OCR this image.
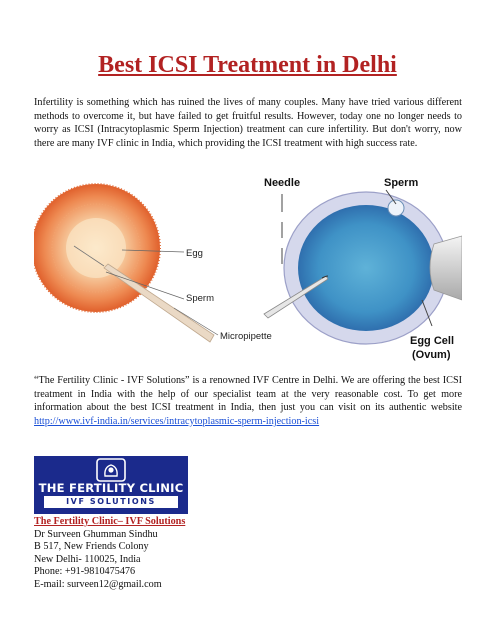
Best ICSI Treatment in Delhi

Infertility is something which has ruined the lives of many couples. Many have tried various different methods to overcome it, but have failed to get fruitful results. However, today one no longer needs to worry as ICSI (Intracytoplasmic Sperm Injection) treatment can cure infertility. But don't worry, now there are many IVF clinic in India, which providing the ICSI treatment with high success rate.

Egg
Sperm
Micropipette
Needle	Sperm
Egg Cell
(Ovum)

“The Fertility Clinic - IVF Solutions” is a renowned IVF Centre in Delhi. We are offering the best ICSI treatment in India with the help of our specialist team at the very reasonable cost. To get more information about the best ICSI treatment in India, then just you can visit on its authentic website http://www.ivf-india.in/services/intracytoplasmic-sperm-injection-icsi

THE FERTILITY CLINIC
IVF SOLUTIONS
The Fertility Clinic– IVF Solutions
Dr Surveen Ghumman Sindhu
B 517, New Friends Colony
New Delhi- 110025, India
Phone: +91-9810475476
E-mail: surveen12@gmail.com
